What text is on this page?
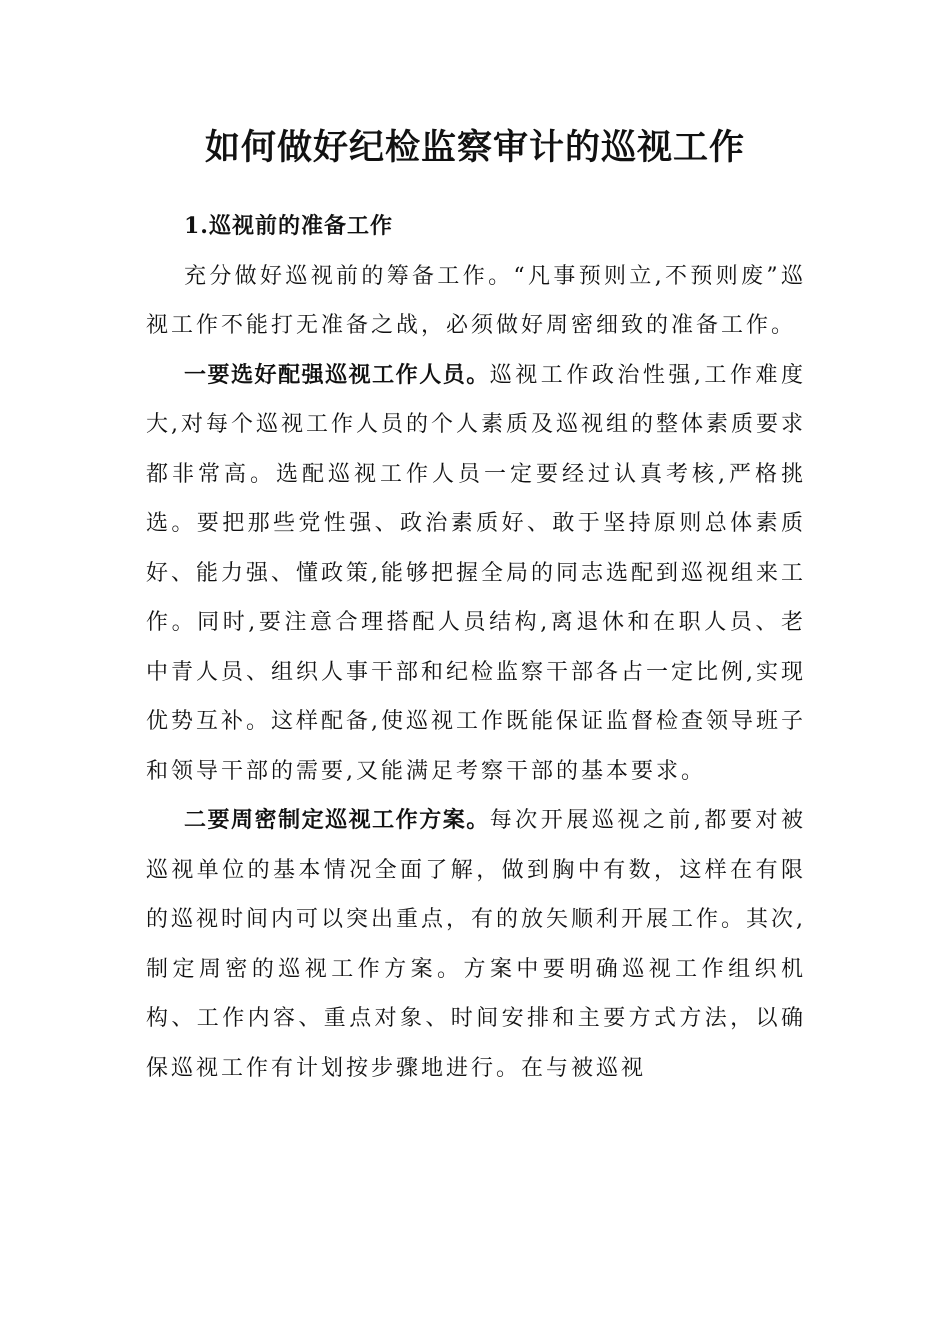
如何做好纪检监察审计的巡视工作

1.巡视前的准备工作

充分做好巡视前的筹备工作。“凡事预则立,不预则废”巡视工作不能打无准备之战，必须做好周密细致的准备工作。

一要选好配强巡视工作人员。巡视工作政治性强,工作难度大,对每个巡视工作人员的个人素质及巡视组的整体素质要求都非常高。选配巡视工作人员一定要经过认真考核,严格挑选。要把那些党性强、政治素质好、敢于坚持原则总体素质好、能力强、懂政策,能够把握全局的同志选配到巡视组来工作。同时,要注意合理搭配人员结构,离退休和在职人员、老中青人员、组织人事干部和纪检监察干部各占一定比例,实现优势互补。这样配备,使巡视工作既能保证监督检查领导班子和领导干部的需要,又能满足考察干部的基本要求。

二要周密制定巡视工作方案。每次开展巡视之前,都要对被巡视单位的基本情况全面了解，做到胸中有数，这样在有限的巡视时间内可以突出重点，有的放矢顺利开展工作。其次,制定周密的巡视工作方案。方案中要明确巡视工作组织机构、工作内容、重点对象、时间安排和主要方式方法，以确保巡视工作有计划按步骤地进行。在与被巡视
